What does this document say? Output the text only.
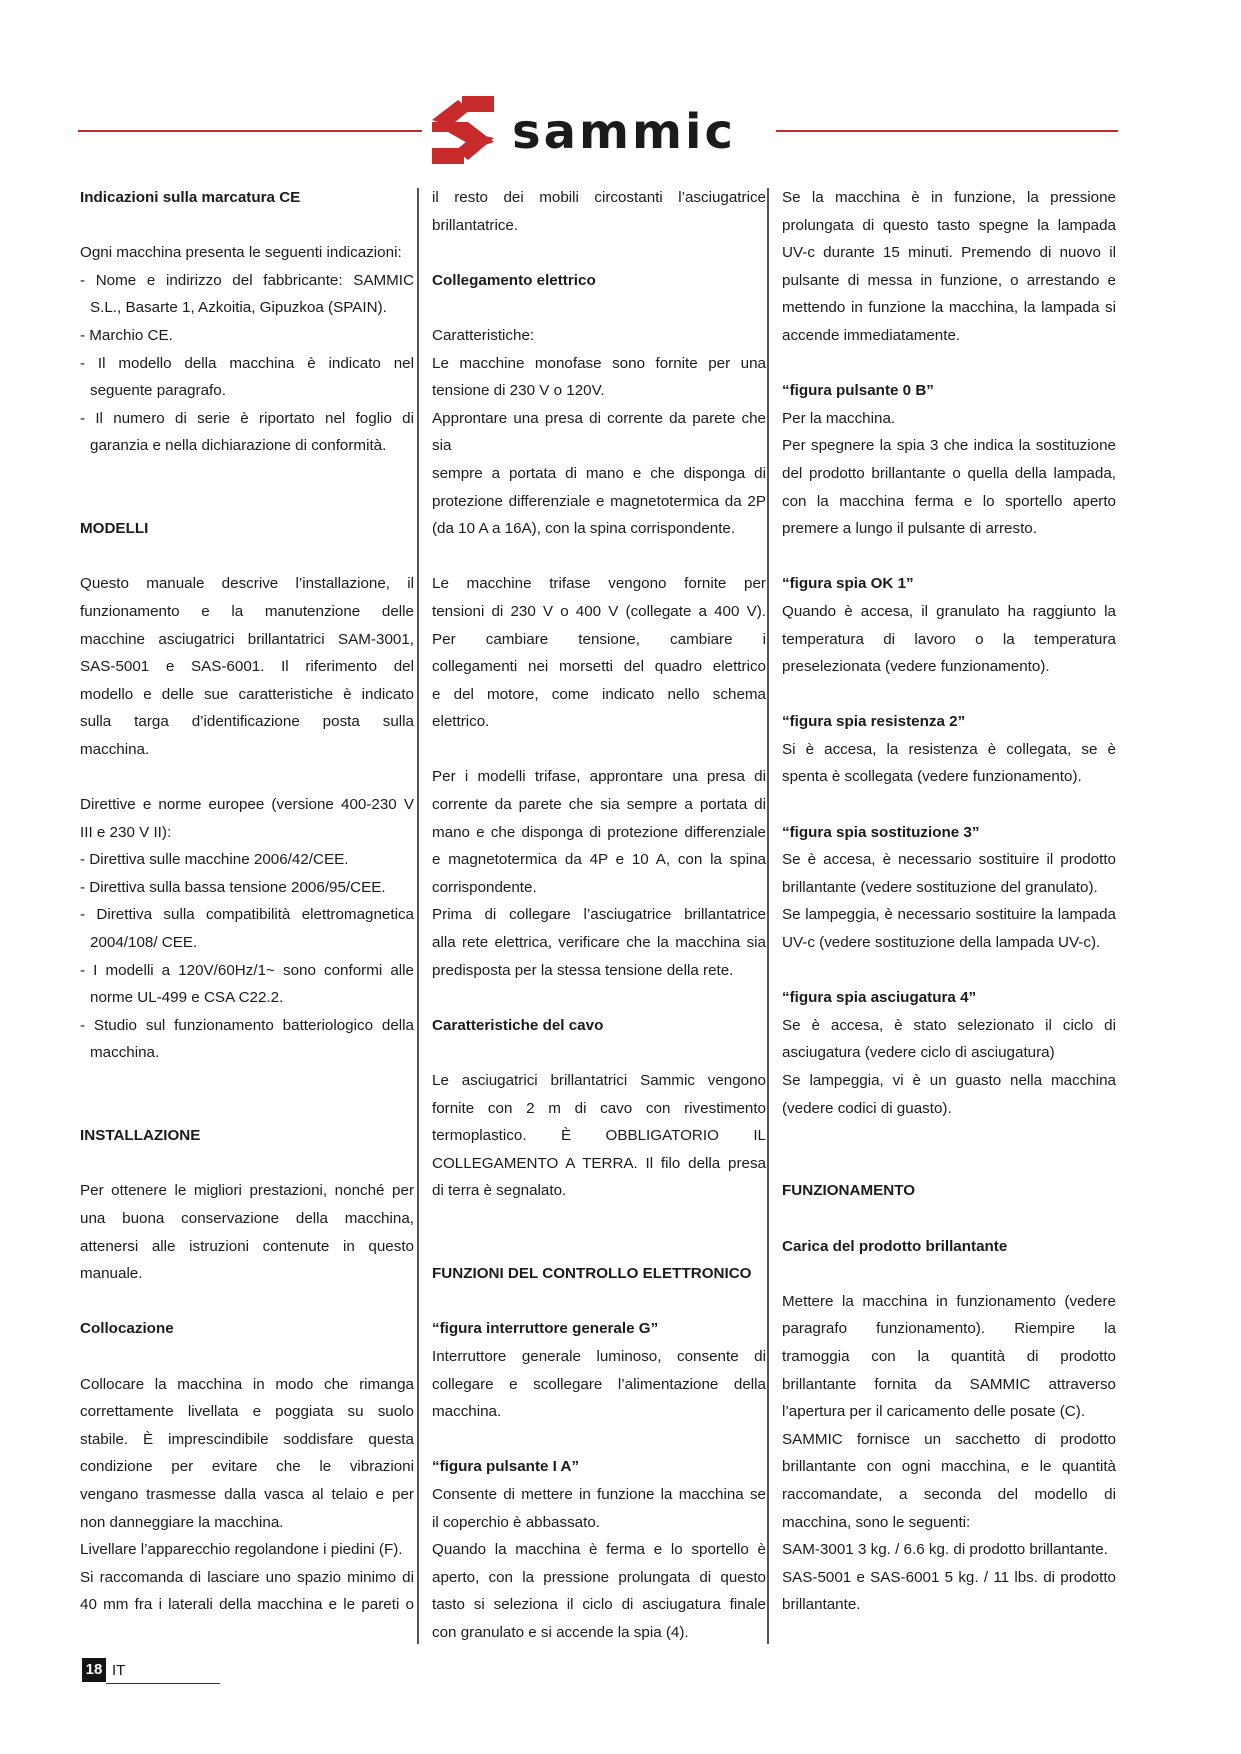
sammic

Indicazioni sulla marcatura CE

Ogni macchina presenta le seguenti indicazioni:

- Nome e indirizzo del fabbricante: SAMMIC

S.L., Basarte 1, Azkoitia, Gipuzkoa (SPAIN).

- Marchio CE.

- Il modello della macchina è indicato nel

seguente paragrafo.

- Il numero di serie è riportato nel foglio di

garanzia e nella dichiarazione di conformità.

MODELLI

Questo manuale descrive l’installazione, il

funzionamento e la manutenzione delle

macchine asciugatrici brillantatrici SAM-3001,

SAS-5001 e SAS-6001. Il riferimento del

modello e delle sue caratteristiche è indicato

sulla targa d’identificazione posta sulla

macchina.

Direttive e norme europee (versione 400-230 V

III e 230 V II):

- Direttiva sulle macchine 2006/42/CEE.

- Direttiva sulla bassa tensione 2006/95/CEE.

- Direttiva sulla compatibilità elettromagnetica

2004/108/ CEE.

- I modelli a 120V/60Hz/1~ sono conformi alle

norme UL-499 e CSA C22.2.

- Studio sul funzionamento batteriologico della

macchina.

INSTALLAZIONE

Per ottenere le migliori prestazioni, nonché per

una buona conservazione della macchina,

attenersi alle istruzioni contenute in questo

manuale.

Collocazione

Collocare la macchina in modo che rimanga

correttamente livellata e poggiata su suolo

stabile. È imprescindibile soddisfare questa

condizione per evitare che le vibrazioni

vengano trasmesse dalla vasca al telaio e per

non danneggiare la macchina.

Livellare l’apparecchio regolandone i piedini (F).

Si raccomanda di lasciare uno spazio minimo di

40 mm fra i laterali della macchina e le pareti o

il resto dei mobili circostanti l’asciugatrice

brillantatrice.

Collegamento elettrico

Caratteristiche:

Le macchine monofase sono fornite per una

tensione di 230 V o 120V.

Approntare una presa di corrente da parete che sia

sempre a portata di mano e che disponga di

protezione differenziale e magnetotermica da 2P

(da 10 A a 16A), con la spina corrispondente.

Le macchine trifase vengono fornite per

tensioni di 230 V o 400 V (collegate a 400 V).

Per cambiare tensione, cambiare i

collegamenti nei morsetti del quadro elettrico

e del motore, come indicato nello schema

elettrico.

Per i modelli trifase, approntare una presa di

corrente da parete che sia sempre a portata di

mano e che disponga di protezione differenziale

e magnetotermica da 4P e 10 A, con la spina

corrispondente.

Prima di collegare l’asciugatrice brillantatrice

alla rete elettrica, verificare che la macchina sia

predisposta per la stessa tensione della rete.

Caratteristiche del cavo

Le asciugatrici brillantatrici Sammic vengono

fornite con 2 m di cavo con rivestimento

termoplastico. È OBBLIGATORIO IL

COLLEGAMENTO A TERRA. Il filo della presa

di terra è segnalato.

FUNZIONI DEL CONTROLLO ELETTRONICO

“figura interruttore generale G”

Interruttore generale luminoso, consente di

collegare e scollegare l’alimentazione della

macchina.

“figura pulsante I A”

Consente di mettere in funzione la macchina se

il coperchio è abbassato.

Quando la macchina è ferma e lo sportello è

aperto, con la pressione prolungata di questo

tasto si seleziona il ciclo di asciugatura finale

con granulato e si accende la spia (4).

Se la macchina è in funzione, la pressione

prolungata di questo tasto spegne la lampada

UV-c durante 15 minuti. Premendo di nuovo il

pulsante di messa in funzione, o arrestando e

mettendo in funzione la macchina, la lampada si

accende immediatamente.

“figura pulsante 0 B”

Per la macchina.

Per spegnere la spia 3 che indica la sostituzione

del prodotto brillantante o quella della lampada,

con la macchina ferma e lo sportello aperto

premere a lungo il pulsante di arresto.

“figura spia OK 1”

Quando è accesa, il granulato ha raggiunto la

temperatura di lavoro o la temperatura

preselezionata (vedere funzionamento).

“figura spia resistenza 2”

Si è accesa, la resistenza è collegata, se è

spenta è scollegata (vedere funzionamento).

“figura spia sostituzione 3”

Se è accesa, è necessario sostituire il prodotto

brillantante (vedere sostituzione del granulato).

Se lampeggia, è necessario sostituire la lampada

UV-c (vedere sostituzione della lampada UV-c).

“figura spia asciugatura 4”

Se è accesa, è stato selezionato il ciclo di

asciugatura (vedere ciclo di asciugatura)

Se lampeggia, vi è un guasto nella macchina

(vedere codici di guasto).

FUNZIONAMENTO

Carica del prodotto brillantante

Mettere la macchina in funzionamento (vedere

paragrafo funzionamento). Riempire la

tramoggia con la quantità di prodotto

brillantante fornita da SAMMIC attraverso

l’apertura per il caricamento delle posate (C).

SAMMIC fornisce un sacchetto di prodotto

brillantante con ogni macchina, e le quantità

raccomandate, a seconda del modello di

macchina, sono le seguenti:

SAM-3001 3 kg. / 6.6 kg. di prodotto brillantante.

SAS-5001 e SAS-6001 5 kg. / 11 lbs. di prodotto

brillantante.

18 IT
